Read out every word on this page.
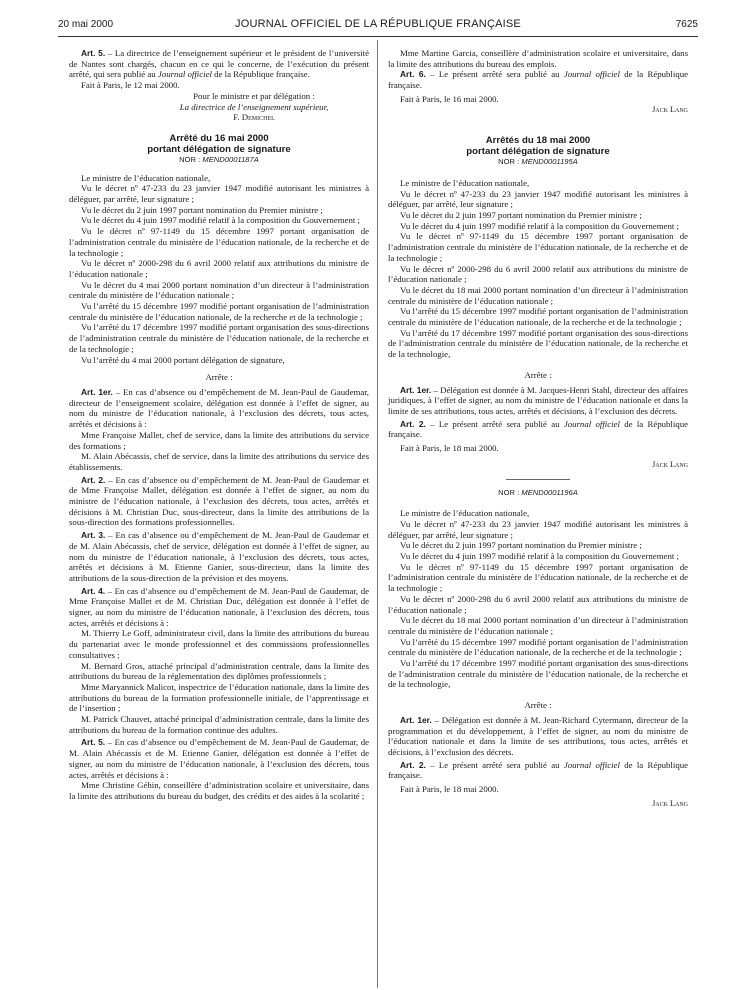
20 mai 2000	JOURNAL OFFICIEL DE LA RÉPUBLIQUE FRANÇAISE	7625

Art. 5. – La directrice de l’enseignement supérieur et le président de l’université de Nantes sont chargés, chacun en ce qui le concerne, de l’exécution du présent arrêté, qui sera publié au Journal officiel de la République française.

Fait à Paris, le 12 mai 2000.

Pour le ministre et par délégation :

La directrice de l’enseignement supérieur,

F. Demichel

Arrêté du 16 mai 2000

portant délégation de signature

NOR : MEND0001187A

Le ministre de l’éducation nationale,

Vu le décret nº 47-233 du 23 janvier 1947 modifié autorisant les ministres à déléguer, par arrêté, leur signature ;

Vu le décret du 2 juin 1997 portant nomination du Premier ministre ;

Vu le décret du 4 juin 1997 modifié relatif à la composition du Gouvernement ;

Vu le décret nº 97-1149 du 15 décembre 1997 portant organisation de l’administration centrale du ministère de l’éducation nationale, de la recherche et de la technologie ;

Vu le décret nº 2000-298 du 6 avril 2000 relatif aux attributions du ministre de l’éducation nationale ;

Vu le décret du 4 mai 2000 portant nomination d’un directeur à l’administration centrale du ministère de l’éducation nationale ;

Vu l’arrêté du 15 décembre 1997 modifié portant organisation de l’administration centrale du ministère de l’éducation nationale, de la recherche et de la technologie ;

Vu l’arrêté du 17 décembre 1997 modifié portant organisation des sous-directions de l’administration centrale du ministère de l’éducation nationale, de la recherche et de la technologie ;

Vu l’arrêté du 4 mai 2000 portant délégation de signature,

Arrête :

Art. 1er. – En cas d’absence ou d’empêchement de M. Jean-Paul de Gaudemar, directeur de l’enseignement scolaire, délégation est donnée à l’effet de signer, au nom du ministre de l’éducation nationale, à l’exclusion des décrets, tous actes, arrêtés et décisions à :

Mme Françoise Mallet, chef de service, dans la limite des attributions du service des formations ;

M. Alain Abécassis, chef de service, dans la limite des attributions du service des établissements.

Art. 2. – En cas d’absence ou d’empêchement de M. Jean-Paul de Gaudemar et de Mme Françoise Mallet, délégation est donnée à l’effet de signer, au nom du ministre de l’éducation nationale, à l’exclusion des décrets, tous actes, arrêtés et décisions à M. Christian Duc, sous-directeur, dans la limite des attributions de la sous-direction des formations professionnelles.

Art. 3. – En cas d’absence ou d’empêchement de M. Jean-Paul de Gaudemar et de M. Alain Abécassis, chef de service, délégation est donnée à l’effet de signer, au nom du ministre de l’éducation nationale, à l’exclusion des décrets, tous actes, arrêtés et décisions à M. Etienne Ganier, sous-directeur, dans la limite des attributions de la sous-direction de la prévision et des moyens.

Art. 4. – En cas d’absence ou d’empêchement de M. Jean-Paul de Gaudemar, de Mme Françoise Mallet et de M. Christian Duc, délégation est donnée à l’effet de signer, au nom du ministre de l’éducation nationale, à l’exclusion des décrets, tous actes, arrêtés et décisions à :

M. Thierry Le Goff, administrateur civil, dans la limite des attributions du bureau du partenariat avec le monde professionnel et des commissions professionnelles consultatives ;

M. Bernard Gros, attaché principal d’administration centrale, dans la limite des attributions du bureau de la réglementation des diplômes professionnels ;

Mme Maryannick Malicot, inspectrice de l’éducation nationale, dans la limite des attributions du bureau de la formation professionnelle initiale, de l’apprentissage et de l’insertion ;

M. Patrick Chauvet, attaché principal d’administration centrale, dans la limite des attributions du bureau de la formation continue des adultes.

Art. 5. – En cas d’absence ou d’empêchement de M. Jean-Paul de Gaudemar, de M. Alain Abécassis et de M. Etienne Ganier, délégation est donnée à l’effet de signer, au nom du ministre de l’éducation nationale, à l’exclusion des décrets, tous actes, arrêtés et décisions à :

Mme Christine Géhin, conseillère d’administration scolaire et universitaire, dans la limite des attributions du bureau du budget, des crédits et des aides à la scolarité ;

Mme Martine Garcia, conseillère d’administration scolaire et universitaire, dans la limite des attributions du bureau des emplois.

Art. 6. – Le présent arrêté sera publié au Journal officiel de la République française.

Fait à Paris, le 16 mai 2000.

Jack Lang

Arrêtés du 18 mai 2000

portant délégation de signature

NOR : MEND0001195A

Le ministre de l’éducation nationale,

Vu le décret nº 47-233 du 23 janvier 1947 modifié autorisant les ministres à déléguer, par arrêté, leur signature ;

Vu le décret du 2 juin 1997 portant nomination du Premier ministre ;

Vu le décret du 4 juin 1997 modifié relatif à la composition du Gouvernement ;

Vu le décret nº 97-1149 du 15 décembre 1997 portant organisation de l’administration centrale du ministère de l’éducation nationale, de la recherche et de la technologie ;

Vu le décret nº 2000-298 du 6 avril 2000 relatif aux attributions du ministre de l’éducation nationale ;

Vu le décret du 18 mai 2000 portant nomination d’un directeur à l’administration centrale du ministère de l’éducation nationale ;

Vu l’arrêté du 15 décembre 1997 modifié portant organisation de l’administration centrale du ministère de l’éducation nationale, de la recherche et de la technologie ;

Vu l’arrêté du 17 décembre 1997 modifié portant organisation des sous-directions de l’administration centrale du ministère de l’éducation nationale, de la recherche et de la technologie,

Arrête :

Art. 1er. – Délégation est donnée à M. Jacques-Henri Stahl, directeur des affaires juridiques, à l’effet de signer, au nom du ministre de l’éducation nationale et dans la limite de ses attributions, tous actes, arrêtés et décisions, à l’exclusion des décrets.

Art. 2. – Le présent arrêté sera publié au Journal officiel de la République française.

Fait à Paris, le 18 mai 2000.

Jack Lang

NOR : MEND0001196A

Le ministre de l’éducation nationale,

Vu le décret nº 47-233 du 23 janvier 1947 modifié autorisant les ministres à déléguer, par arrêté, leur signature ;

Vu le décret du 2 juin 1997 portant nomination du Premier ministre ;

Vu le décret du 4 juin 1997 modifié relatif à la composition du Gouvernement ;

Vu le décret nº 97-1149 du 15 décembre 1997 portant organisation de l’administration centrale du ministère de l’éducation nationale, de la recherche et de la technologie ;

Vu le décret nº 2000-298 du 6 avril 2000 relatif aux attributions du ministre de l’éducation nationale ;

Vu le décret du 18 mai 2000 portant nomination d’un directeur à l’administration centrale du ministère de l’éducation nationale ;

Vu l’arrêté du 15 décembre 1997 modifié portant organisation de l’administration centrale du ministère de l’éducation nationale, de la recherche et de la technologie ;

Vu l’arrêté du 17 décembre 1997 modifié portant organisation des sous-directions de l’administration centrale du ministère de l’éducation nationale, de la recherche et de la technologie,

Arrête :

Art. 1er. – Délégation est donnée à M. Jean-Richard Cytermann, directeur de la programmation et du développement, à l’effet de signer, au nom du ministre de l’éducation nationale et dans la limite de ses attributions, tous actes, arrêtés et décisions, à l’exclusion des décrets.

Art. 2. – Le présent arrêté sera publié au Journal officiel de la République française.

Fait à Paris, le 18 mai 2000.

Jack Lang
